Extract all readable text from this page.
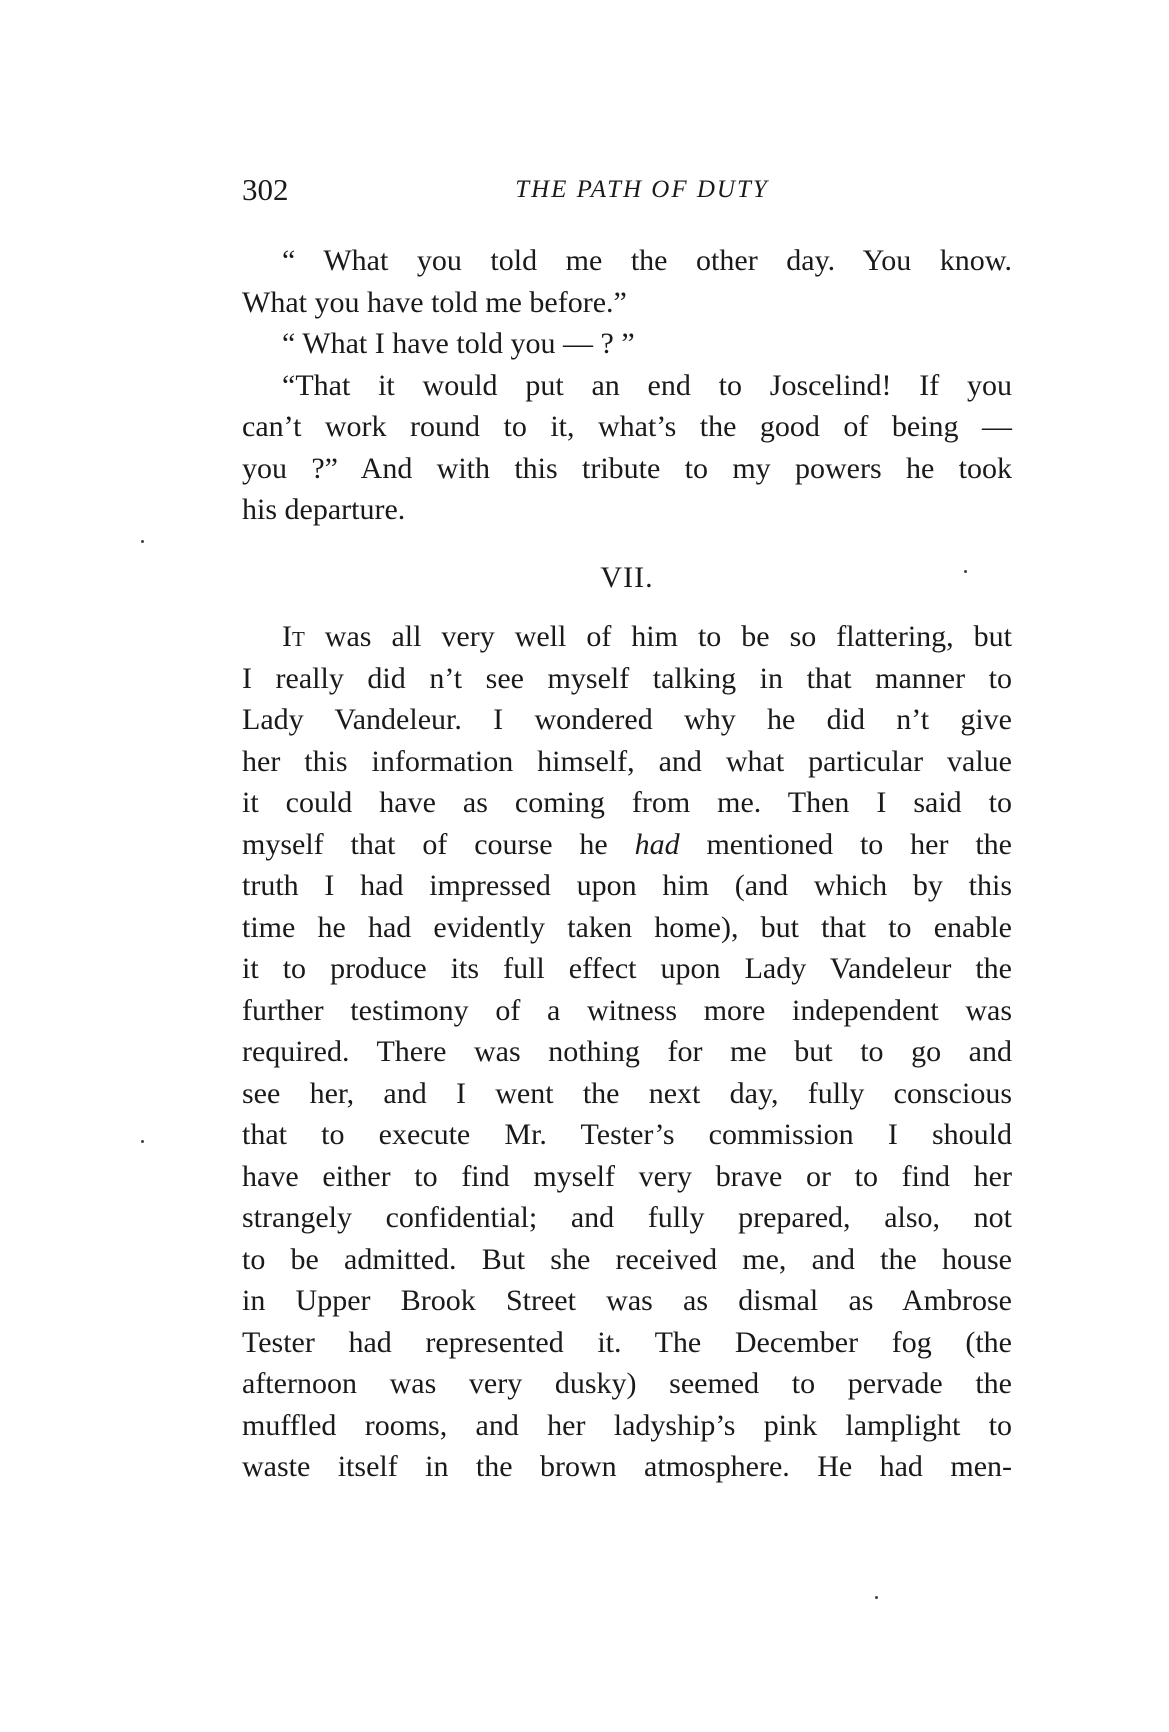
302	THE PATH OF DUTY
“ What you told me the other day. You know.
What you have told me before.”
“ What I have told you — ? ”
“That it would put an end to Joscelind! If you
can’t work round to it, what’s the good of being —
you ?” And with this tribute to my powers he took
his departure.
VII.
It was all very well of him to be so flattering, but
I really did n’t see myself talking in that manner to
Lady Vandeleur. I wondered why he did n’t give
her this information himself, and what particular value
it could have as coming from me. Then I said to
myself that of course he had mentioned to her the
truth I had impressed upon him (and which by this
time he had evidently taken home), but that to enable
it to produce its full effect upon Lady Vandeleur the
further testimony of a witness more independent was
required. There was nothing for me but to go and
see her, and I went the next day, fully conscious
that to execute Mr. Tester’s commission I should
have either to find myself very brave or to find her
strangely confidential; and fully prepared, also, not
to be admitted. But she received me, and the house
in Upper Brook Street was as dismal as Ambrose
Tester had represented it. The December fog (the
afternoon was very dusky) seemed to pervade the
muffled rooms, and her ladyship’s pink lamplight to
waste itself in the brown atmosphere. He had men-
